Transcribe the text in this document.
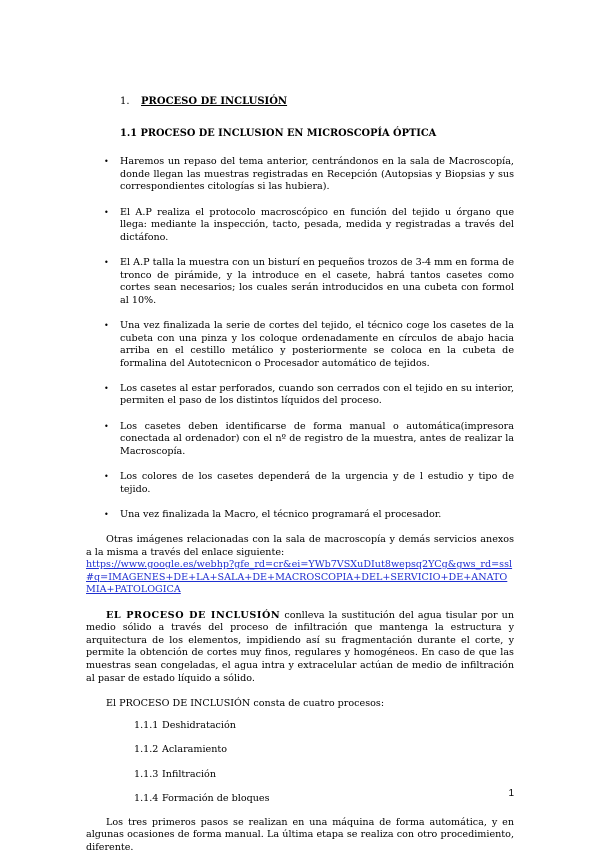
1. PROCESO DE INCLUSIÓN
1.1 PROCESO DE INCLUSION EN MICROSCOPÍA ÓPTICA
• Haremos un repaso del tema anterior, centrándonos en la sala de Macroscopía, donde llegan las muestras registradas en Recepción (Autopsias y Biopsias y sus correspondientes citologías si las hubiera).
• El A.P realiza el protocolo macroscópico en función del tejido u órgano que llega: mediante la inspección, tacto, pesada, medida y registradas a través del dictáfono.
• El A.P talla la muestra con un bisturí en pequeños trozos de 3-4 mm en forma de tronco de pirámide, y la introduce en el casete, habrá tantos casetes como cortes sean necesarios; los cuales serán introducidos en una cubeta con formol al 10%.
• Una vez finalizada la serie de cortes del tejido, el técnico coge los casetes de la cubeta con una pinza y los coloque ordenadamente en círculos de abajo hacia arriba en el cestillo metálico y posteriormente se coloca en la cubeta de formalina del Autotecnicon o Procesador automático de tejidos.
• Los casetes al estar perforados, cuando son cerrados con el tejido en su interior, permiten el paso de los distintos líquidos del proceso.
• Los casetes deben identificarse de forma manual o automática(impresora conectada al ordenador) con el nº de registro de la muestra, antes de realizar la Macroscopía.
• Los colores de los casetes dependerá de la urgencia y de l estudio y tipo de tejido.
• Una vez finalizada la Macro, el técnico programará el procesador.

Otras imágenes relacionadas con la sala de macroscopía y demás servicios anexos a la misma a través del enlace siguiente:

https://www.google.es/webhp?gfe_rd=cr&ei=YWb7VSXuDIut8wepsq2YCg&gws_rd=ssl#q=IMAGENES+DE+LA+SALA+DE+MACROSCOPIA+DEL+SERVICIO+DE+ANATOMIA+PATOLOGICA

EL PROCESO DE INCLUSIÓN conlleva la sustitución del agua tisular por un medio sólido a través del proceso de infiltración que mantenga la estructura y arquitectura de los elementos, impidiendo así su fragmentación durante el corte, y permite la obtención de cortes muy finos, regulares y homogéneos. En caso de que las muestras sean congeladas, el agua intra y extracelular actúan de medio de infiltración al pasar de estado líquido a sólido.

El PROCESO DE INCLUSIÓN consta de cuatro procesos:

1.1.1 Deshidratación
1.1.2 Aclaramiento
1.1.3 Infiltración
1.1.4 Formación de bloques

Los tres primeros pasos se realizan en una máquina de forma automática, y en algunas ocasiones de forma manual. La última etapa se realiza con otro procedimiento, diferente.

1
